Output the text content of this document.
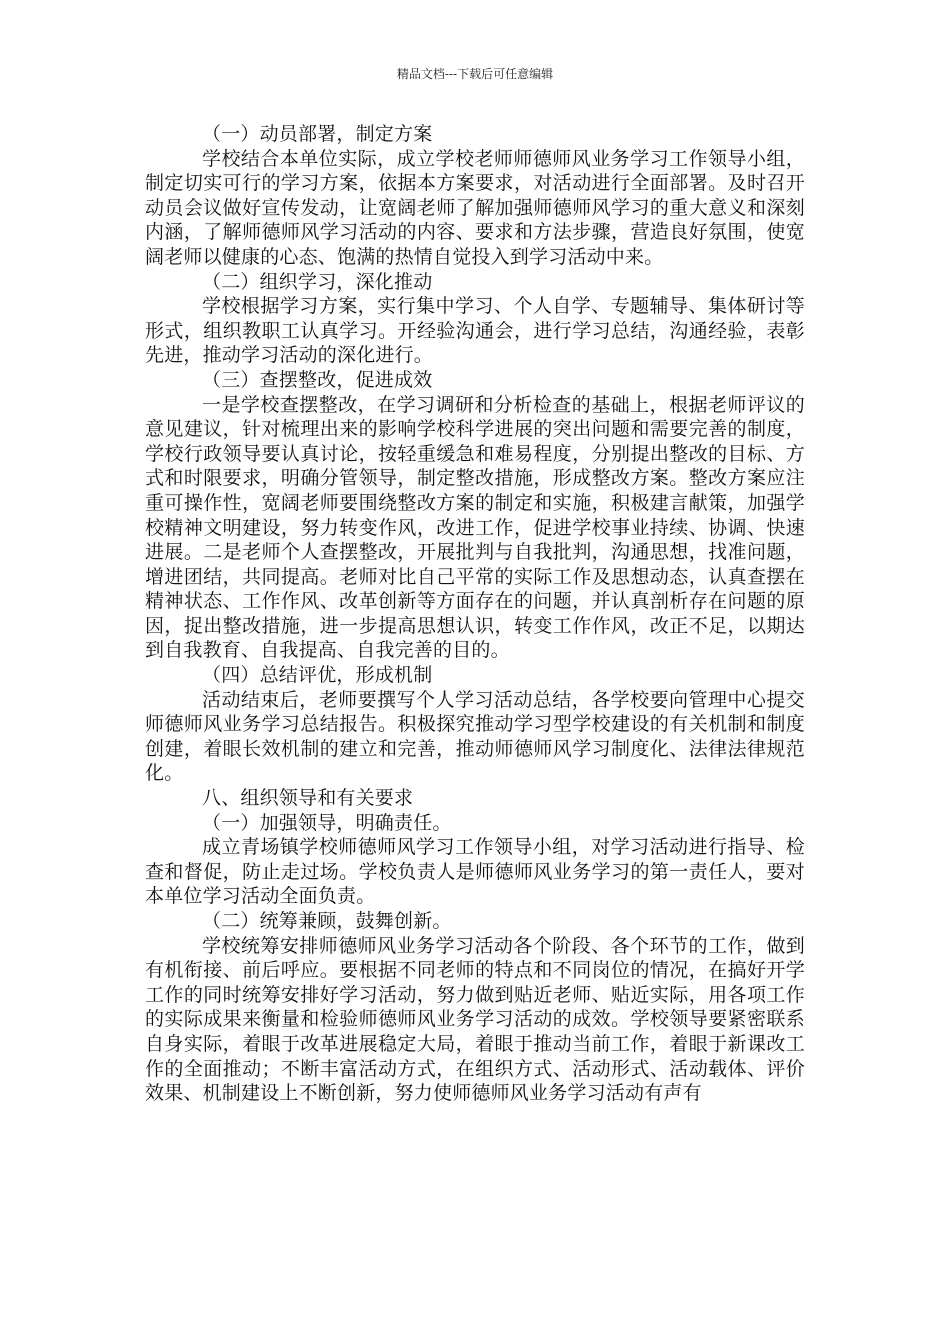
精品文档---下载后可任意编辑

（一）动员部署，制定方案

学校结合本单位实际，成立学校老师师德师风业务学习工作领导小组，制定切实可行的学习方案，依据本方案要求，对活动进行全面部署。及时召开动员会议做好宣传发动，让宽阔老师了解加强师德师风学习的重大意义和深刻内涵，了解师德师风学习活动的内容、要求和方法步骤，营造良好氛围，使宽阔老师以健康的心态、饱满的热情自觉投入到学习活动中来。

（二）组织学习，深化推动

学校根据学习方案，实行集中学习、个人自学、专题辅导、集体研讨等形式，组织教职工认真学习。开经验沟通会，进行学习总结，沟通经验，表彰先进，推动学习活动的深化进行。

（三）查摆整改，促进成效

一是学校查摆整改，在学习调研和分析检查的基础上，根据老师评议的意见建议，针对梳理出来的影响学校科学进展的突出问题和需要完善的制度，学校行政领导要认真讨论，按轻重缓急和难易程度，分别提出整改的目标、方式和时限要求，明确分管领导，制定整改措施，形成整改方案。整改方案应注重可操作性，宽阔老师要围绕整改方案的制定和实施，积极建言献策，加强学校精神文明建设，努力转变作风，改进工作，促进学校事业持续、协调、快速进展。二是老师个人查摆整改，开展批判与自我批判，沟通思想，找准问题，增进团结，共同提高。老师对比自己平常的实际工作及思想动态，认真查摆在精神状态、工作作风、改革创新等方面存在的问题，并认真剖析存在问题的原因，捉出整改措施，进一步提高思想认识，转变工作作风，改正不足，以期达到自我教育、自我提高、自我完善的目的。

（四）总结评优，形成机制

活动结束后，老师要撰写个人学习活动总结，各学校要向管理中心提交师德师风业务学习总结报告。积极探究推动学习型学校建设的有关机制和制度创建，着眼长效机制的建立和完善，推动师德师风学习制度化、法律法律规范化。

八、组织领导和有关要求

（一）加强领导，明确责任。

成立青场镇学校师德师风学习工作领导小组，对学习活动进行指导、检查和督促，防止走过场。学校负责人是师德师风业务学习的第一责任人，要对本单位学习活动全面负责。

（二）统筹兼顾，鼓舞创新。

学校统筹安排师德师风业务学习活动各个阶段、各个环节的工作，做到有机衔接、前后呼应。要根据不同老师的特点和不同岗位的情况，在搞好开学工作的同时统筹安排好学习活动，努力做到贴近老师、贴近实际，用各项工作的实际成果来衡量和检验师德师风业务学习活动的成效。学校领导要紧密联系自身实际，着眼于改革进展稳定大局，着眼于推动当前工作，着眼于新课改工作的全面推动；不断丰富活动方式，在组织方式、活动形式、活动载体、评价效果、机制建设上不断创新，努力使师德师风业务学习活动有声有
